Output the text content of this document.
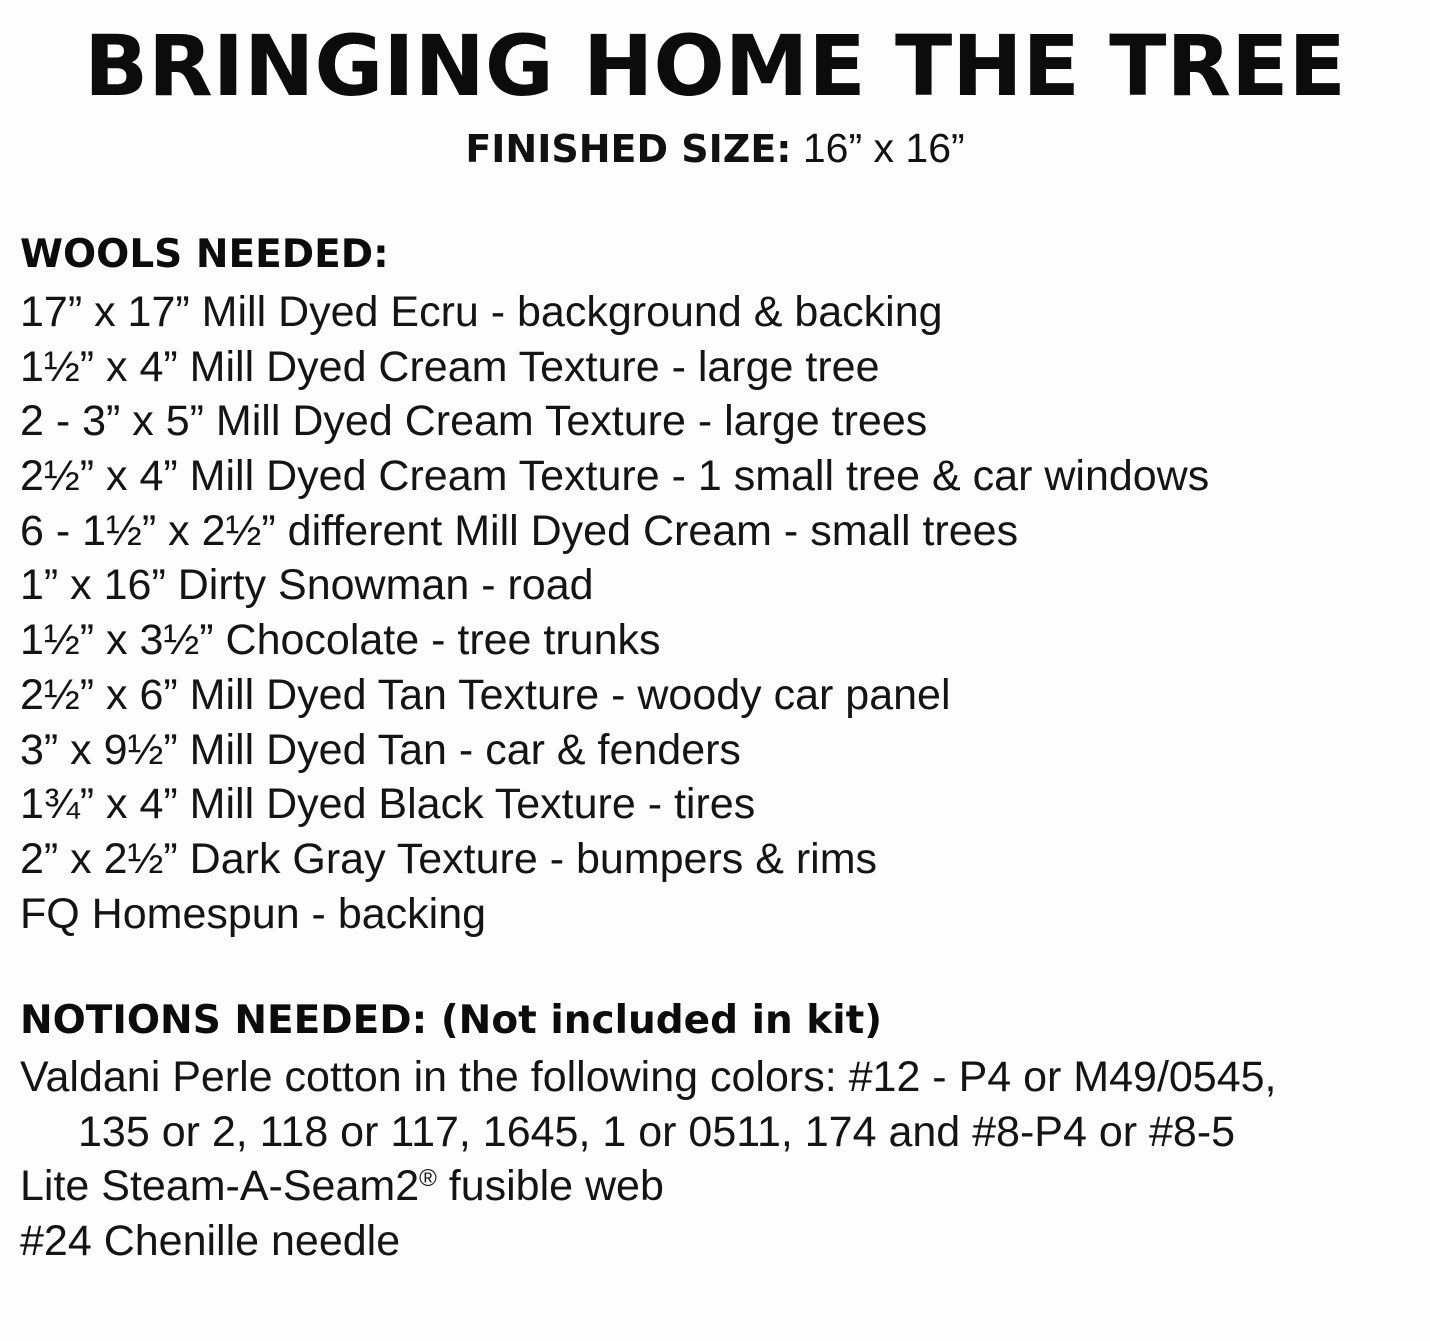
BRINGING HOME THE TREE
FINISHED SIZE: 16” x 16”
WOOLS NEEDED:
17” x 17” Mill Dyed Ecru - background & backing
1½” x 4” Mill Dyed Cream Texture - large tree
2 - 3” x 5” Mill Dyed Cream Texture - large trees
2½” x 4” Mill Dyed Cream Texture - 1 small tree & car windows
6 - 1½” x 2½” different Mill Dyed Cream - small trees
1” x 16” Dirty Snowman - road
1½” x 3½” Chocolate - tree trunks
2½” x 6” Mill Dyed Tan Texture - woody car panel
3” x 9½” Mill Dyed Tan - car & fenders
1¾” x 4” Mill Dyed Black Texture - tires
2” x 2½” Dark Gray Texture - bumpers & rims
FQ Homespun - backing
NOTIONS NEEDED: (Not included in kit)
Valdani Perle cotton in the following colors: #12 - P4 or M49/0545,
135 or 2, 118 or 117, 1645, 1 or 0511, 174 and #8-P4 or #8-5
Lite Steam-A-Seam2® fusible web
#24 Chenille needle
